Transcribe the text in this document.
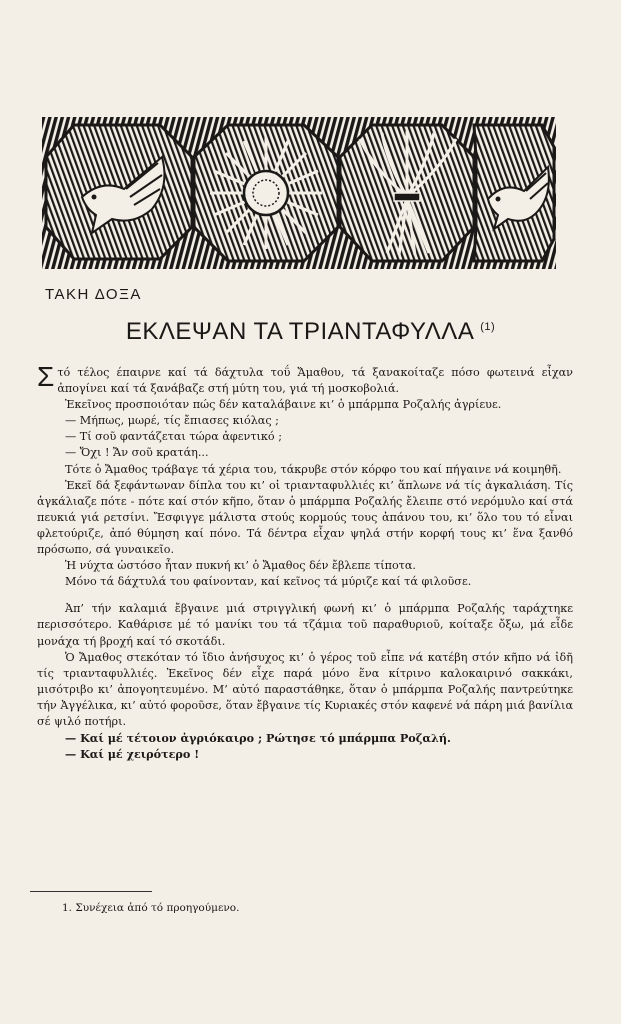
ΤΑΚΗ ΔΟΞΑ
ΕΚΛΕΨΑΝ ΤΑ ΤΡΙΑΝΤΑΦΥΛΛΑ $^{(1)}$

Στό τέλος έπαιρνε καί τά δάχτυλα τοΰ Ἄμαθου, τά ξανακοίταζε πόσο φωτεινά εἶχαν ἀπογίνει καί τά ξανάβαζε στή μύτη του, γιά τή μοσκοβολιά.

Ἐκεῖνος προσποιόταν πώς δέν καταλάβαινε κι’ ὁ μπάρμπα Ροζαλής ἀγρίευε.

— Μήπως, μωρέ, τίς ἔπιασες κιόλας ;

— Τί σοῦ φαντάζεται τώρα ἀφεντικό ;

— Ὄχι ! Ἄν σοῦ κρατάη...

Τότε ὁ Ἄμαθος τράβαγε τά χέρια του, τάκρυβε στόν κόρφο του καί πήγαινε νά κοιμηθῆ.

Ἐκεῖ δά ξεφάντωναν δίπλα του κι’ οἱ τριανταφυλλιές κι’ ἅπλωνε νά τίς ἀγκαλιάση. Τίς ἀγκάλιαζε πότε - πότε καί στόν κῆπο, ὅταν ὁ μπάρμπα Ροζαλής ἔλειπε στό νερόμυλο καί στά πευκιά γιά ρετσίνι. Ἔσφιγγε μάλιστα στούς κορμούς τους ἀπάνου του, κι’ ὅλο του τό εἶναι φλετούριζε, ἀπό θύμηση καί πόνο. Τά δέντρα εἶχαν ψηλά στήν κορφή τους κι’ ἕνα ξανθό πρόσωπο, σά γυναικεῖο.

Ἡ νύχτα ὡστόσο ἦταν πυκνή κι’ ὁ Ἄμαθος δέν ἔβλεπε τίποτα.

Μόνο τά δάχτυλά του φαίνονταν, καί κεῖνος τά μύριζε καί τά φιλοῦσε.

Ἀπ’ τήν καλαμιά ἔβγαινε μιά στριγγλική φωνή κι’ ὁ μπάρμπα Ροζαλής ταράχτηκε περισσότερο. Καθάρισε μέ τό μανίκι του τά τζάμια τοῦ παραθυριοῦ, κοίταξε ὄξω, μά εἶδε μονάχα τή βροχή καί τό σκοτάδι.

Ὁ Ἄμαθος στεκόταν τό ἴδιο ἀνήσυχος κι’ ὁ γέρος τοῦ εἶπε νά κατέβη στόν κῆπο νά ἰδῆ τίς τριανταφυλλιές. Ἐκεῖνος δέν εἶχε παρά μόνο ἕνα κίτρινο καλοκαιρινό σακκάκι, μισότριβο κι’ ἀπογοητευμένο. Μ’ αὐτό παραστάθηκε, ὅταν ὁ μπάρμπα Ροζαλής παντρεύτηκε τήν Ἀγγέλικα, κι’ αὐτό φοροῦσε, ὅταν ἔβγαινε τίς Κυριακές στόν καφενέ νά πάρη μιά βανίλια σέ ψιλό ποτήρι.

— Καί μέ τέτοιον ἀγριόκαιρο ; Ρώτησε τό μπάρμπα Ροζαλή.

— Καί μέ χειρότερο !

1. Συνέχεια ἀπό τό προηγούμενο.
